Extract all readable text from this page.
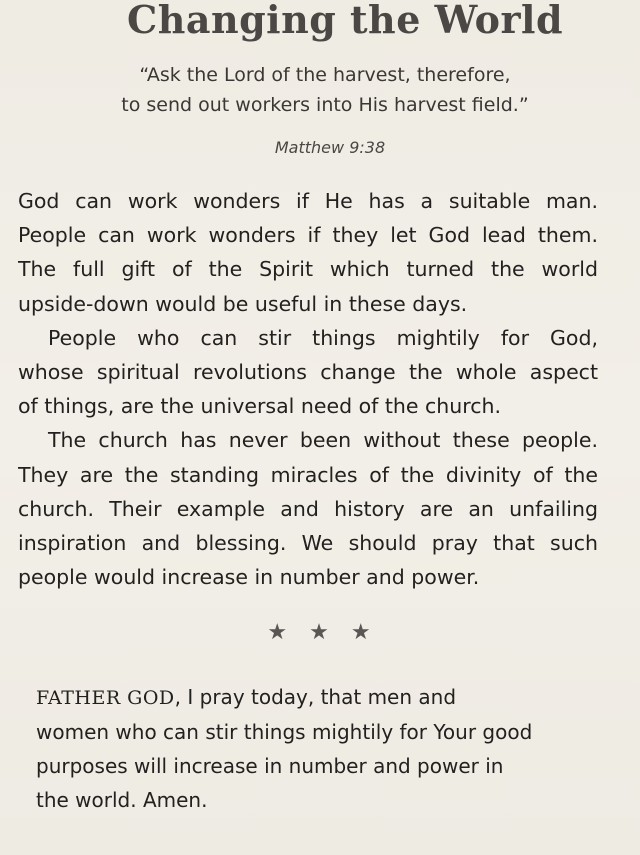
Changing the World
“Ask the Lord of the harvest, therefore,
to send out workers into His harvest field.”
Matthew 9:38
God can work wonders if He has a suitable man.
People can work wonders if they let God lead them.
The full gift of the Spirit which turned the world
upside-down would be useful in these days.
People who can stir things mightily for God,
whose spiritual revolutions change the whole aspect
of things, are the universal need of the church.
The church has never been without these people.
They are the standing miracles of the divinity of the
church. Their example and history are an unfailing
inspiration and blessing. We should pray that such
people would increase in number and power.
★★★
FATHER GOD, I pray today, that men and
women who can stir things mightily for Your good
purposes will increase in number and power in
the world. Amen.
